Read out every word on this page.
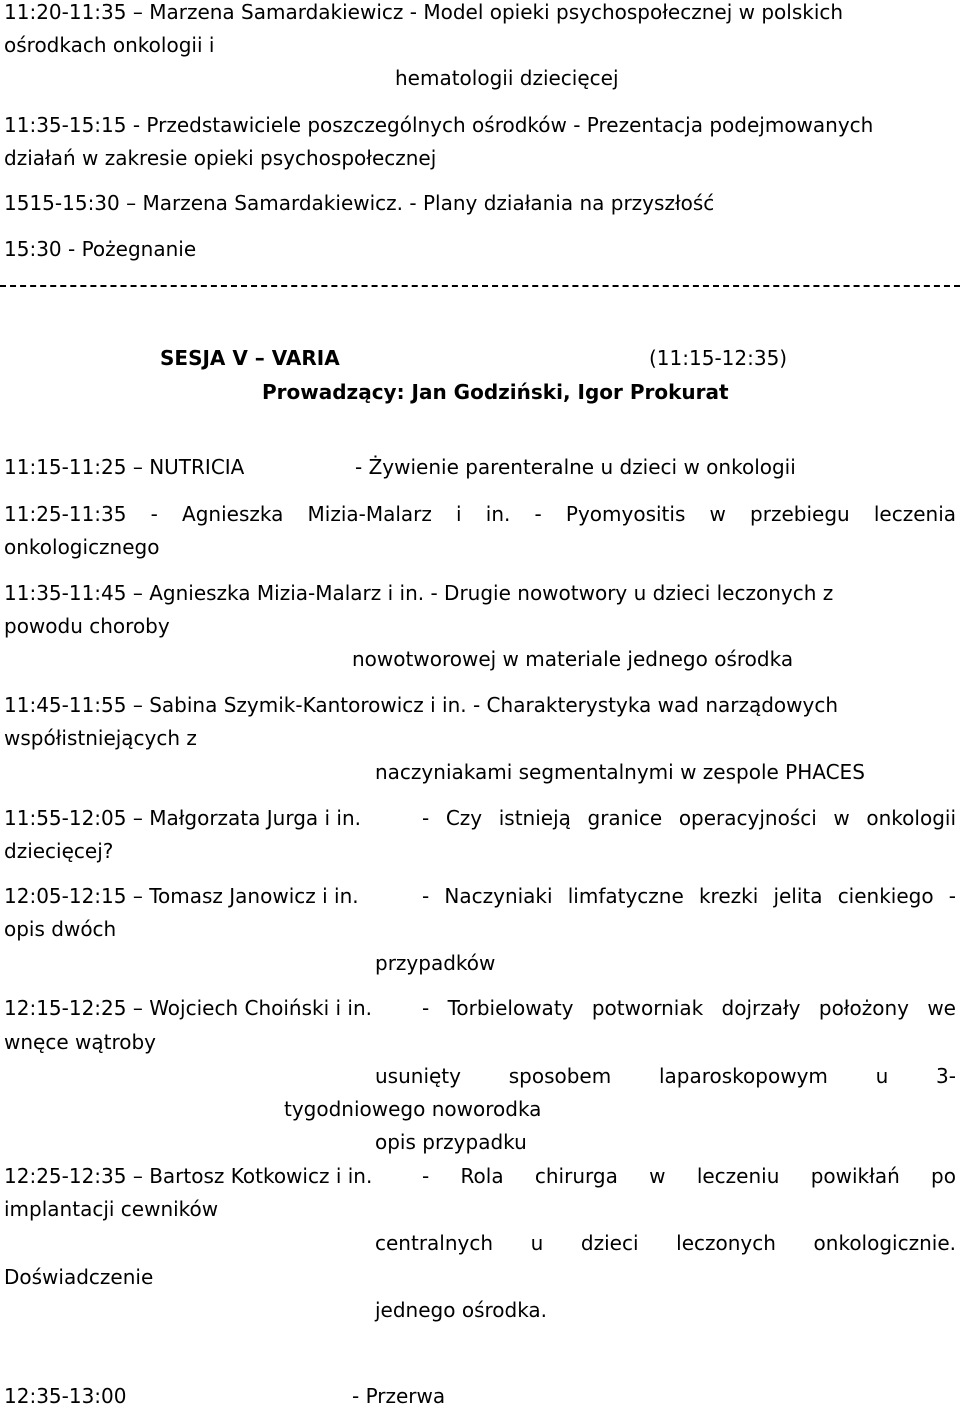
11:20-11:35 – Marzena Samardakiewicz - Model opieki psychospołecznej w polskich
ośrodkach onkologii i
hematologii dziecięcej
11:35-15:15 - Przedstawiciele poszczególnych ośrodków - Prezentacja podejmowanych
działań w zakresie opieki psychospołecznej
1515-15:30 – Marzena Samardakiewicz. - Plany działania na przyszłość
15:30 - Pożegnanie
SESJA V – VARIA	(11:15-12:35)
Prowadzący: Jan Godziński, Igor Prokurat
11:15-11:25 – NUTRICIA	- Żywienie parenteralne u dzieci w onkologii
11:25-11:35 - Agnieszka Mizia-Malarz i in. - Pyomyositis w przebiegu leczenia
onkologicznego
11:35-11:45 – Agnieszka Mizia-Malarz i in. - Drugie nowotwory u dzieci leczonych z
powodu choroby
nowotworowej w materiale jednego ośrodka
11:45-11:55 – Sabina Szymik-Kantorowicz i in. - Charakterystyka wad narządowych
współistniejących z
naczyniakami segmentalnymi w zespole PHACES
11:55-12:05 – Małgorzata Jurga i in.	- Czy istnieją granice operacyjności w onkologii
dziecięcej?
12:05-12:15 – Tomasz Janowicz i in.	- Naczyniaki limfatyczne krezki jelita cienkiego -
opis dwóch
przypadków
12:15-12:25 – Wojciech Choiński i in. - Torbielowaty potworniak dojrzały położony we
wnęce wątroby
usunięty sposobem laparoskopowym u 3-
tygodniowego noworodka
opis przypadku
12:25-12:35 – Bartosz Kotkowicz i in. - Rola chirurga w leczeniu powikłań po
implantacji cewników
centralnych u dzieci leczonych onkologicznie.
Doświadczenie
jednego ośrodka.
12:35-13:00	- Przerwa
